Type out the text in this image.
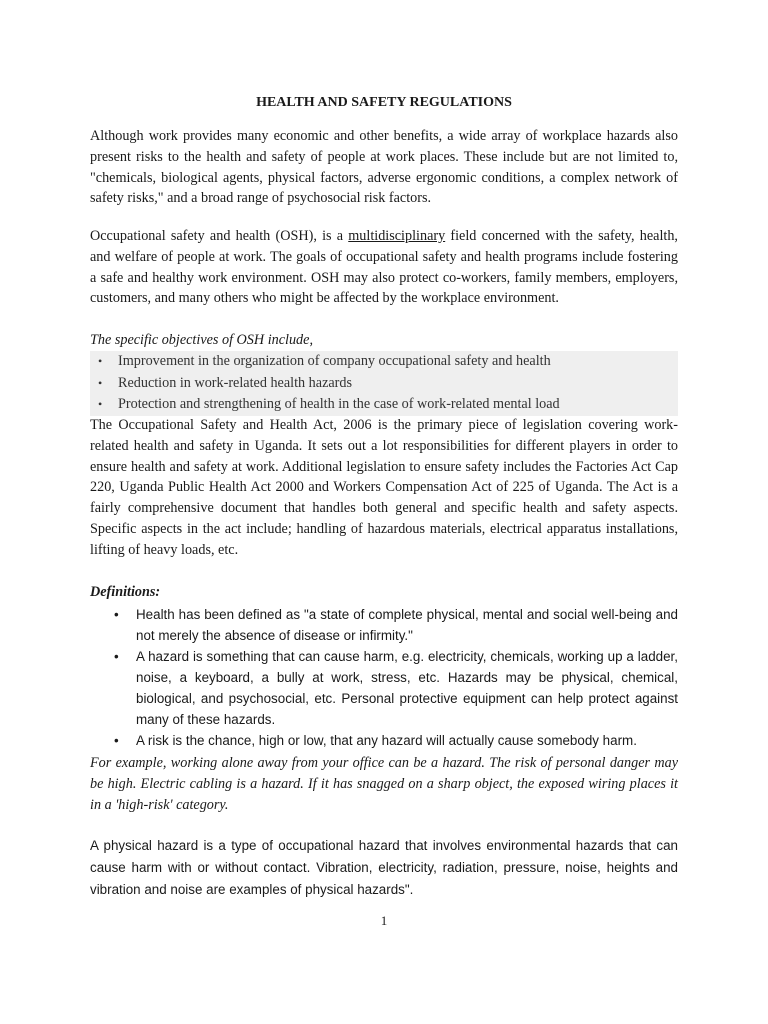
HEALTH AND SAFETY REGULATIONS

Although work provides many economic and other benefits, a wide array of workplace hazards also present risks to the health and safety of people at work places. These include but are not limited to, "chemicals, biological agents, physical factors, adverse ergonomic conditions, a complex network of safety risks," and a broad range of psychosocial risk factors.

Occupational safety and health (OSH), is a multidisciplinary field concerned with the safety, health, and welfare of people at work. The goals of occupational safety and health programs include fostering a safe and healthy work environment. OSH may also protect co-workers, family members, employers, customers, and many others who might be affected by the workplace environment.

The specific objectives of OSH include,

• Improvement in the organization of company occupational safety and health
• Reduction in work-related health hazards
• Protection and strengthening of health in the case of work-related mental load

The Occupational Safety and Health Act, 2006 is the primary piece of legislation covering work-related health and safety in Uganda. It sets out a lot responsibilities for different players in order to ensure health and safety at work. Additional legislation to ensure safety includes the Factories Act Cap 220, Uganda Public Health Act 2000 and Workers Compensation Act of 225 of Uganda. The Act is a fairly comprehensive document that handles both general and specific health and safety aspects. Specific aspects in the act include; handling of hazardous materials, electrical apparatus installations, lifting of heavy loads, etc.

Definitions:

• Health has been defined as "a state of complete physical, mental and social well-being and not merely the absence of disease or infirmity."
• A hazard is something that can cause harm, e.g. electricity, chemicals, working up a ladder, noise, a keyboard, a bully at work, stress, etc. Hazards may be physical, chemical, biological, and psychosocial, etc. Personal protective equipment can help protect against many of these hazards.
• A risk is the chance, high or low, that any hazard will actually cause somebody harm.

For example, working alone away from your office can be a hazard. The risk of personal danger may be high. Electric cabling is a hazard. If it has snagged on a sharp object, the exposed wiring places it in a 'high-risk' category.

A physical hazard is a type of occupational hazard that involves environmental hazards that can cause harm with or without contact. Vibration, electricity, radiation, pressure, noise, heights and vibration and noise are examples of physical hazards".

1
